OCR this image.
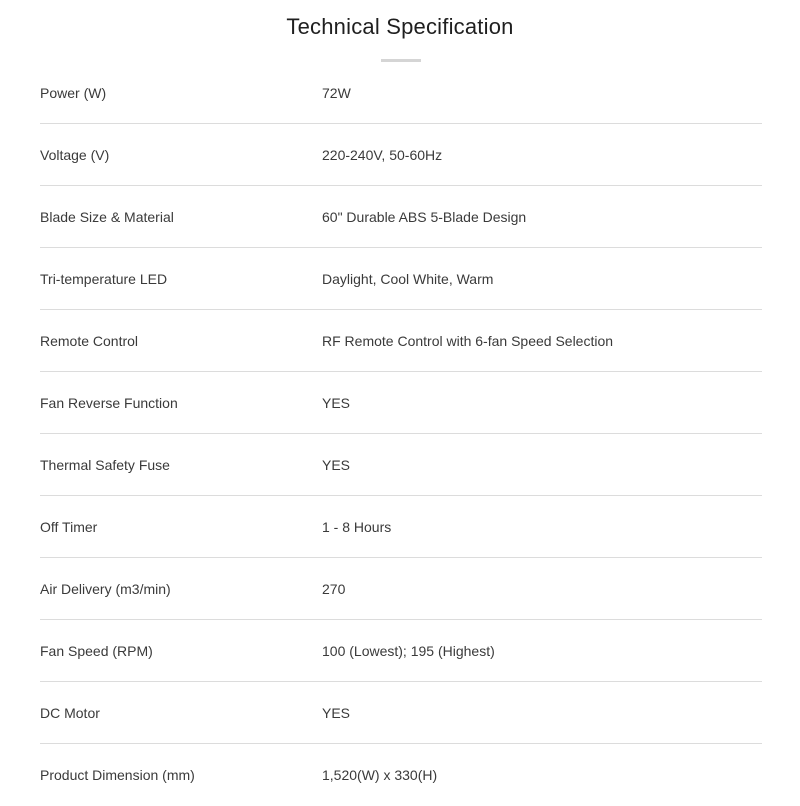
Technical Specification
Power (W)	72W
Voltage (V)	220-240V, 50-60Hz
Blade Size & Material	60" Durable ABS 5-Blade Design
Tri-temperature LED	Daylight, Cool White, Warm
Remote Control	RF Remote Control with 6-fan Speed Selection
Fan Reverse Function	YES
Thermal Safety Fuse	YES
Off Timer	1 - 8 Hours
Air Delivery (m3/min)	270
Fan Speed (RPM)	100 (Lowest); 195 (Highest)
DC Motor	YES
Product Dimension (mm)	1,520(W) x 330(H)
